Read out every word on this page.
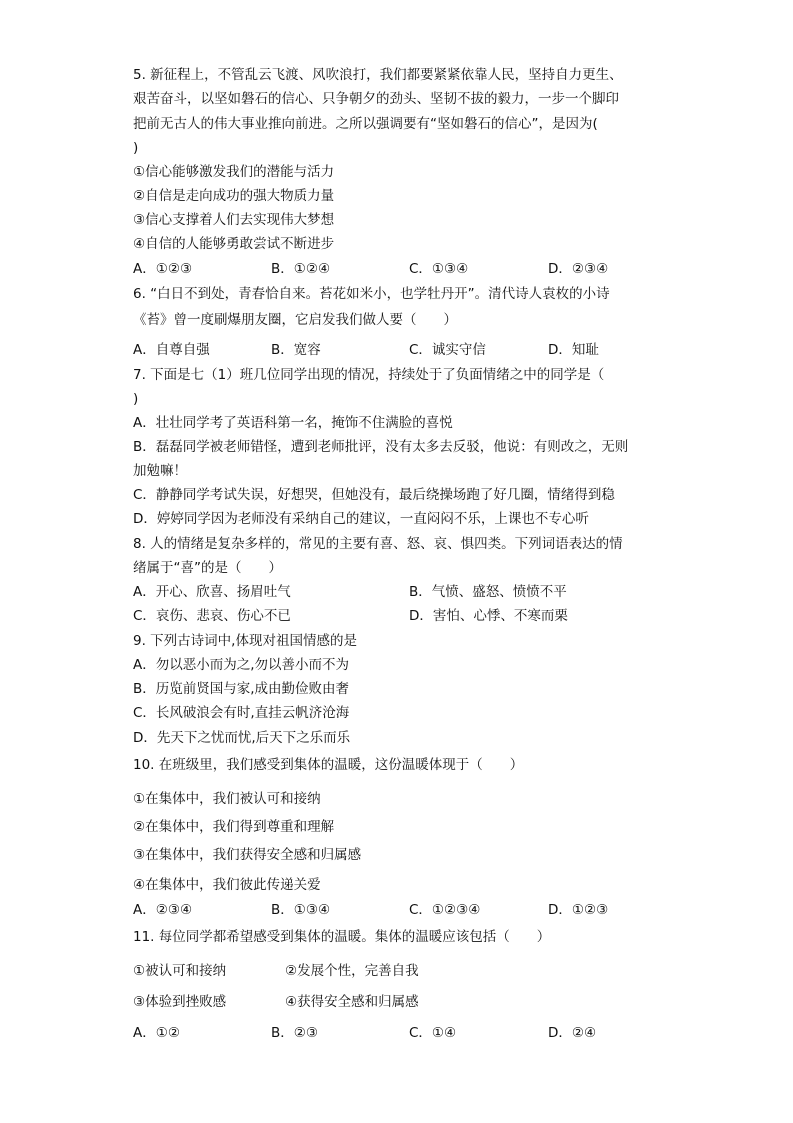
5. 新征程上，不管乱云飞渡、风吹浪打，我们都要紧紧依靠人民，坚持自力更生、
艰苦奋斗，以坚如磐石的信心、只争朝夕的劲头、坚韧不拔的毅力，一步一个脚印
把前无古人的伟大事业推向前进。之所以强调要有“坚如磐石的信心”，是因为(
)
①信心能够激发我们的潜能与活力
②自信是走向成功的强大物质力量
③信心支撑着人们去实现伟大梦想
④自信的人能够勇敢尝试不断进步
A．①②③	B．①②④	C．①③④	D．②③④
6. “白日不到处，青春恰自来。苔花如米小，也学牡丹开”。清代诗人袁枚的小诗
《苔》曾一度刷爆朋友圈，它启发我们做人要（　　）
A．自尊自强	B．宽容	C．诚实守信	D．知耻
7. 下面是七（1）班几位同学出现的情况，持续处于了负面情绪之中的同学是（
)
A．壮壮同学考了英语科第一名，掩饰不住满脸的喜悦
B．磊磊同学被老师错怪，遭到老师批评，没有太多去反驳，他说：有则改之，无则
加勉嘛！
C．静静同学考试失误，好想哭，但她没有，最后绕操场跑了好几圈，情绪得到稳
D．婷婷同学因为老师没有采纳自己的建议，一直闷闷不乐，上课也不专心听
8. 人的情绪是复杂多样的，常见的主要有喜、怒、哀、惧四类。下列词语表达的情
绪属于“喜”的是（　　）
A．开心、欣喜、扬眉吐气	B．气愤、盛怒、愤愤不平
C．哀伤、悲哀、伤心不已	D．害怕、心悸、不寒而栗
9. 下列古诗词中,体现对祖国情感的是
A．勿以恶小而为之,勿以善小而不为
B．历览前贤国与家,成由勤俭败由奢
C．长风破浪会有时,直挂云帆济沧海
D．先天下之忧而忧,后天下之乐而乐
10. 在班级里，我们感受到集体的温暖，这份温暖体现于（　　）
①在集体中，我们被认可和接纳
②在集体中，我们得到尊重和理解
③在集体中，我们获得安全感和归属感
④在集体中，我们彼此传递关爱
A．②③④	B．①③④	C．①②③④	D．①②③
11. 每位同学都希望感受到集体的温暖。集体的温暖应该包括（　　）
①被认可和接纳	②发展个性，完善自我
③体验到挫败感	④获得安全感和归属感
A．①②	B．②③	C．①④	D．②④
